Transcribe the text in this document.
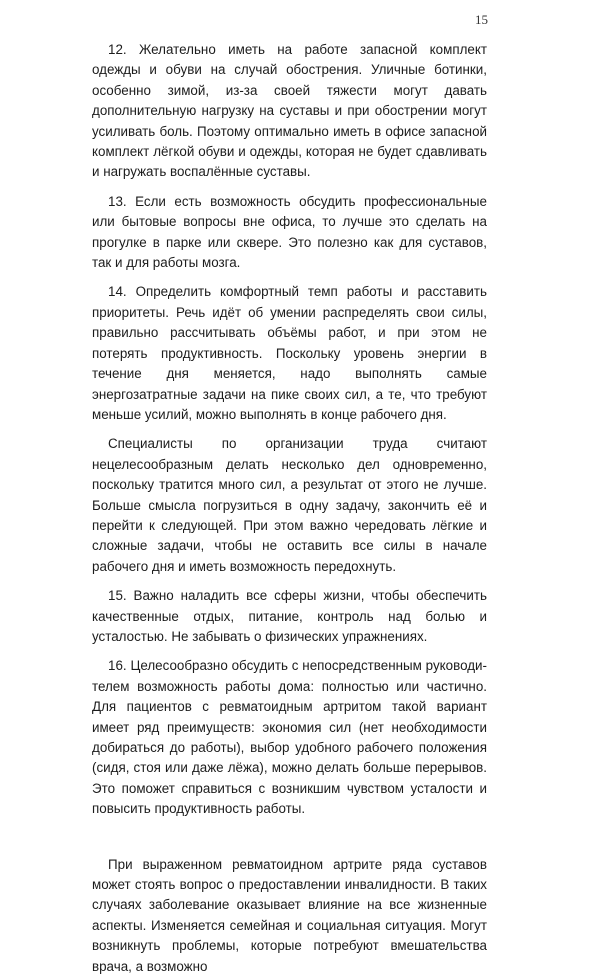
15

12. Желательно иметь на работе запасной комплект одежды и обуви на случай обострения. Уличные ботинки, особенно зимой, из-за своей тяжести могут давать дополнительную нагрузку на суставы и при обострении могут усиливать боль. Поэтому оптимально иметь в офисе запасной комплект лёгкой обуви и одежды, которая не будет сдавливать и нагружать воспалённые суставы.

13. Если есть возможность обсудить профессиональные или бытовые вопросы вне офиса, то лучше это сделать на прогулке в парке или сквере. Это полезно как для суставов, так и для работы мозга.

14. Определить комфортный темп работы и расставить приоритеты. Речь идёт об умении распределять свои силы, правильно рассчитывать объёмы работ, и при этом не потерять продуктивность. Поскольку уровень энергии в течение дня меняется, надо выполнять самые энергозатратные задачи на пике своих сил, а те, что требуют меньше усилий, можно выполнять в конце рабочего дня.

Специалисты по организации труда считают нецелесообразным делать несколько дел одновременно, поскольку тратится много сил, а результат от этого не лучше. Больше смысла погрузиться в одну задачу, закончить её и перейти к следующей. При этом важно чередовать лёгкие и сложные задачи, чтобы не оставить все силы в начале рабочего дня и иметь возможность передохнуть.

15. Важно наладить все сферы жизни, чтобы обеспечить качественные отдых, питание, контроль над болью и усталостью. Не забывать о физических упражнениях.

16. Целесообразно обсудить с непосредственным руководителем возможность работы дома: полностью или частично. Для пациентов с ревматоидным артритом такой вариант имеет ряд преимуществ: экономия сил (нет необходимости добираться до работы), выбор удобного рабочего положения (сидя, стоя или даже лёжа), можно делать больше перерывов. Это поможет справиться с возникшим чувством усталости и повысить продуктивность работы.

При выраженном ревматоидном артрите ряда суставов может стоять вопрос о предоставлении инвалидности. В таких случаях заболевание оказывает влияние на все жизненные аспекты. Изменяется семейная и социальная ситуация. Могут возникнуть проблемы, которые потребуют вмешательства врача, а возможно
